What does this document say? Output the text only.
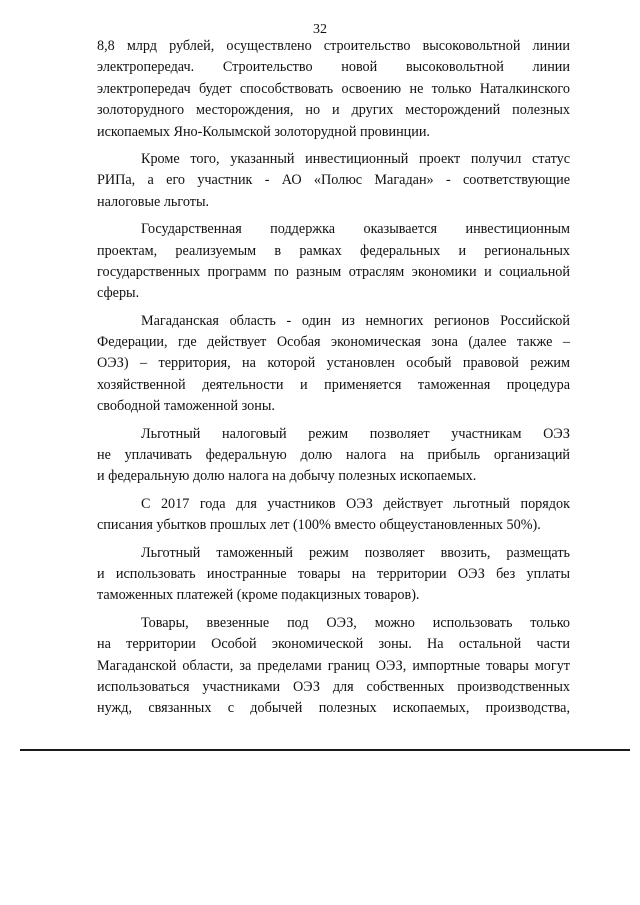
32
8,8 млрд рублей, осуществлено строительство высоковольтной линии
электропередач. Строительство новой высоковольтной линии
электропередач будет способствовать освоению не только Наталкинского
золоторудного месторождения, но и других месторождений полезных
ископаемых Яно-Колымской золоторудной провинции.
Кроме того, указанный инвестиционный проект получил статус
РИПа, а его участник - АО «Полюс Магадан» - соответствующие
налоговые льготы.
Государственная поддержка оказывается инвестиционным
проектам, реализуемым в рамках федеральных и региональных
государственных программ по разным отраслям экономики и социальной
сферы.
Магаданская область - один из немногих регионов Российской
Федерации, где действует Особая экономическая зона (далее также –
ОЭЗ) – территория, на которой установлен особый правовой режим
хозяйственной деятельности и применяется таможенная процедура
свободной таможенной зоны.
Льготный налоговый режим позволяет участникам ОЭЗ
не уплачивать федеральную долю налога на прибыль организаций
и федеральную долю налога на добычу полезных ископаемых.
С 2017 года для участников ОЭЗ действует льготный порядок
списания убытков прошлых лет (100% вместо общеустановленных 50%).
Льготный таможенный режим позволяет ввозить, размещать
и использовать иностранные товары на территории ОЭЗ без уплаты
таможенных платежей (кроме подакцизных товаров).
Товары, ввезенные под ОЭЗ, можно использовать только
на территории Особой экономической зоны. На остальной части
Магаданской области, за пределами границ ОЭЗ, импортные товары могут
использоваться участниками ОЭЗ для собственных производственных
нужд, связанных с добычей полезных ископаемых, производства,
